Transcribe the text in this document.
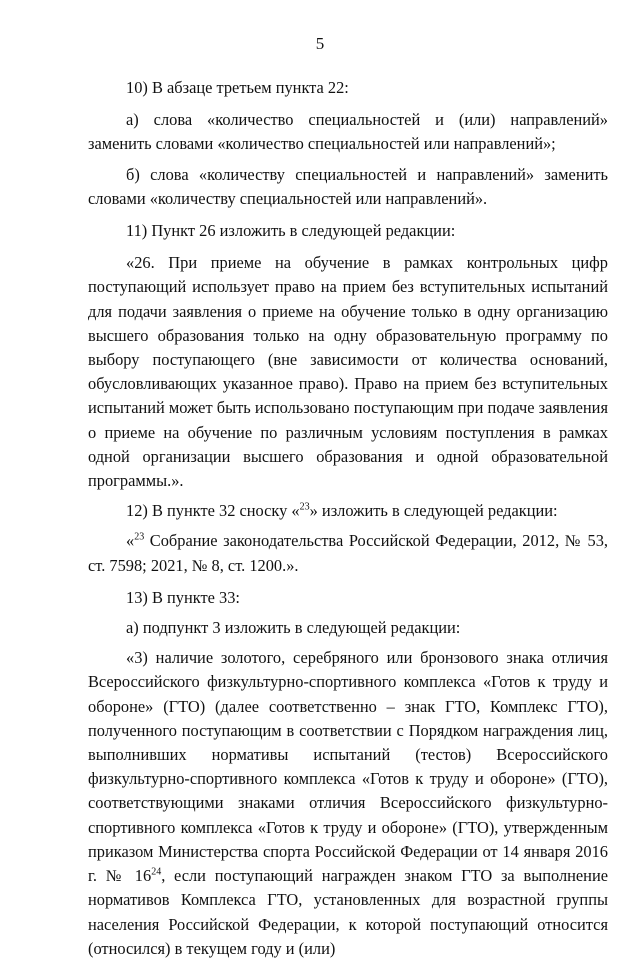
5

10) В абзаце третьем пункта 22:

а) слова «количество специальностей и (или) направлений» заменить словами «количество специальностей или направлений»;

б) слова «количеству специальностей и направлений» заменить словами «количеству специальностей или направлений».

11) Пункт 26 изложить в следующей редакции:

«26. При приеме на обучение в рамках контрольных цифр поступающий использует право на прием без вступительных испытаний для подачи заявления о приеме на обучение только в одну организацию высшего образования только на одну образовательную программу по выбору поступающего (вне зависимости от количества оснований, обусловливающих указанное право). Право на прием без вступительных испытаний может быть использовано поступающим при подаче заявления о приеме на обучение по различным условиям поступления в рамках одной организации высшего образования и одной образовательной программы.».

12) В пункте 32 сноску «$^{23}$» изложить в следующей редакции:

«$^{23}$ Собрание законодательства Российской Федерации, 2012, № 53, ст. 7598; 2021, № 8, ст. 1200.».

13) В пункте 33:

а) подпункт 3 изложить в следующей редакции:

«3) наличие золотого, серебряного или бронзового знака отличия Всероссийского физкультурно-спортивного комплекса «Готов к труду и обороне» (ГТО) (далее соответственно – знак ГТО, Комплекс ГТО), полученного поступающим в соответствии с Порядком награждения лиц, выполнивших нормативы испытаний (тестов) Всероссийского физкультурно-спортивного комплекса «Готов к труду и обороне» (ГТО), соответствующими знаками отличия Всероссийского физкультурно-спортивного комплекса «Готов к труду и обороне» (ГТО), утвержденным приказом Министерства спорта Российской Федерации от 14 января 2016 г. № $16^{24}$, если поступающий награжден знаком ГТО за выполнение нормативов Комплекса ГТО, установленных для возрастной группы населения Российской Федерации, к которой поступающий относится (относился) в текущем году и (или)
